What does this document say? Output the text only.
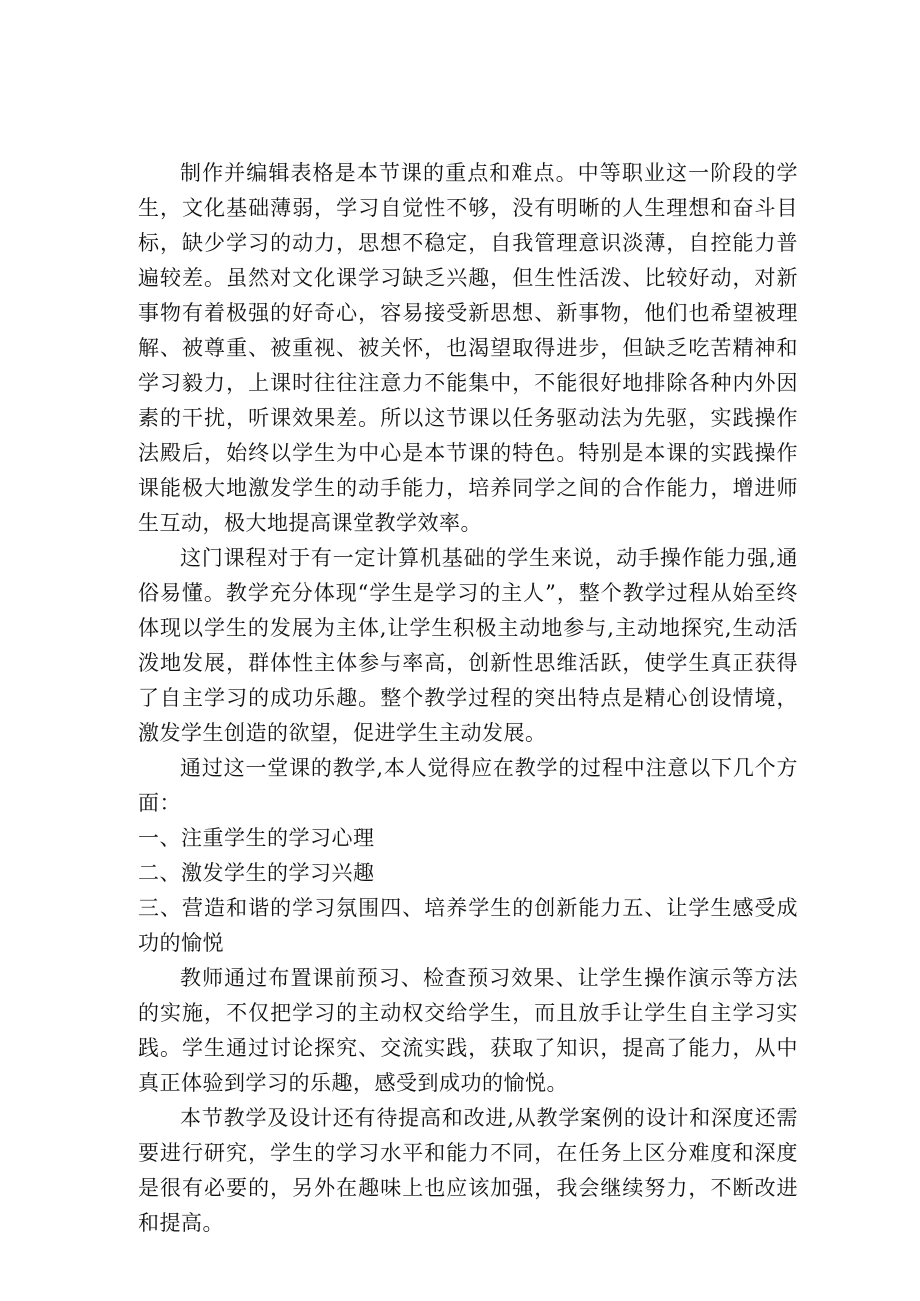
制作并编辑表格是本节课的重点和难点。中等职业这一阶段的学生，文化基础薄弱，学习自觉性不够，没有明晰的人生理想和奋斗目标，缺少学习的动力，思想不稳定，自我管理意识淡薄，自控能力普遍较差。虽然对文化课学习缺乏兴趣，但生性活泼、比较好动，对新事物有着极强的好奇心，容易接受新思想、新事物，他们也希望被理解、被尊重、被重视、被关怀，也渴望取得进步，但缺乏吃苦精神和学习毅力，上课时往往注意力不能集中，不能很好地排除各种内外因素的干扰，听课效果差。所以这节课以任务驱动法为先驱，实践操作法殿后，始终以学生为中心是本节课的特色。特别是本课的实践操作课能极大地激发学生的动手能力，培养同学之间的合作能力，增进师生互动，极大地提高课堂教学效率。

这门课程对于有一定计算机基础的学生来说，动手操作能力强,通俗易懂。教学充分体现“学生是学习的主人”，整个教学过程从始至终体现以学生的发展为主体,让学生积极主动地参与,主动地探究,生动活泼地发展，群体性主体参与率高，创新性思维活跃，使学生真正获得了自主学习的成功乐趣。整个教学过程的突出特点是精心创设情境，激发学生创造的欲望，促进学生主动发展。

通过这一堂课的教学,本人觉得应在教学的过程中注意以下几个方面：

一、注重学生的学习心理

二、激发学生的学习兴趣

三、营造和谐的学习氛围四、培养学生的创新能力五、让学生感受成功的愉悦

教师通过布置课前预习、检查预习效果、让学生操作演示等方法的实施，不仅把学习的主动权交给学生，而且放手让学生自主学习实践。学生通过讨论探究、交流实践，获取了知识，提高了能力，从中真正体验到学习的乐趣，感受到成功的愉悦。

本节教学及设计还有待提高和改进,从教学案例的设计和深度还需要进行研究，学生的学习水平和能力不同，在任务上区分难度和深度是很有必要的，另外在趣味上也应该加强，我会继续努力，不断改进和提高。
